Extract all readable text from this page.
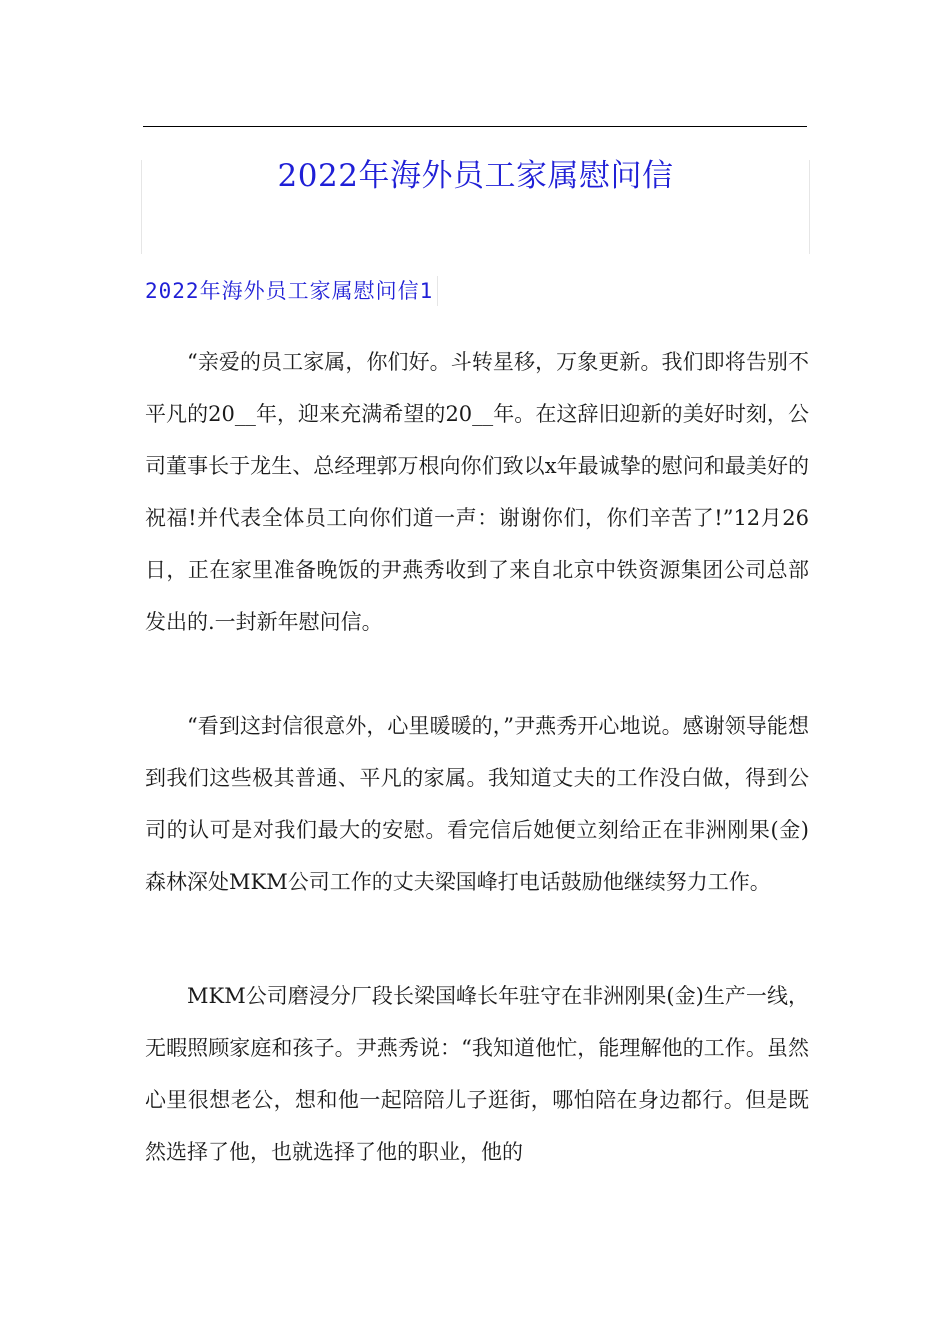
2022年海外员工家属慰问信
2022年海外员工家属慰问信1

“亲爱的员工家属，你们好。斗转星移，万象更新。我们即将告别不平凡的20__年，迎来充满希望的20__年。在这辞旧迎新的美好时刻，公司董事长于龙生、总经理郭万根向你们致以x年最诚挚的慰问和最美好的祝福!并代表全体员工向你们道一声：谢谢你们，你们辛苦了!”12月26日，正在家里准备晚饭的尹燕秀收到了来自北京中铁资源集团公司总部发出的.一封新年慰问信。

“看到这封信很意外，心里暖暖的，”尹燕秀开心地说。感谢领导能想到我们这些极其普通、平凡的家属。我知道丈夫的工作没白做，得到公司的认可是对我们最大的安慰。看完信后她便立刻给正在非洲刚果(金)森林深处MKM公司工作的丈夫梁国峰打电话鼓励他继续努力工作。

MKM公司磨浸分厂段长梁国峰长年驻守在非洲刚果(金)生产一线，无暇照顾家庭和孩子。尹燕秀说：“我知道他忙，能理解他的工作。虽然心里很想老公，想和他一起陪陪儿子逛街，哪怕陪在身边都行。但是既然选择了他，也就选择了他的职业，他的
